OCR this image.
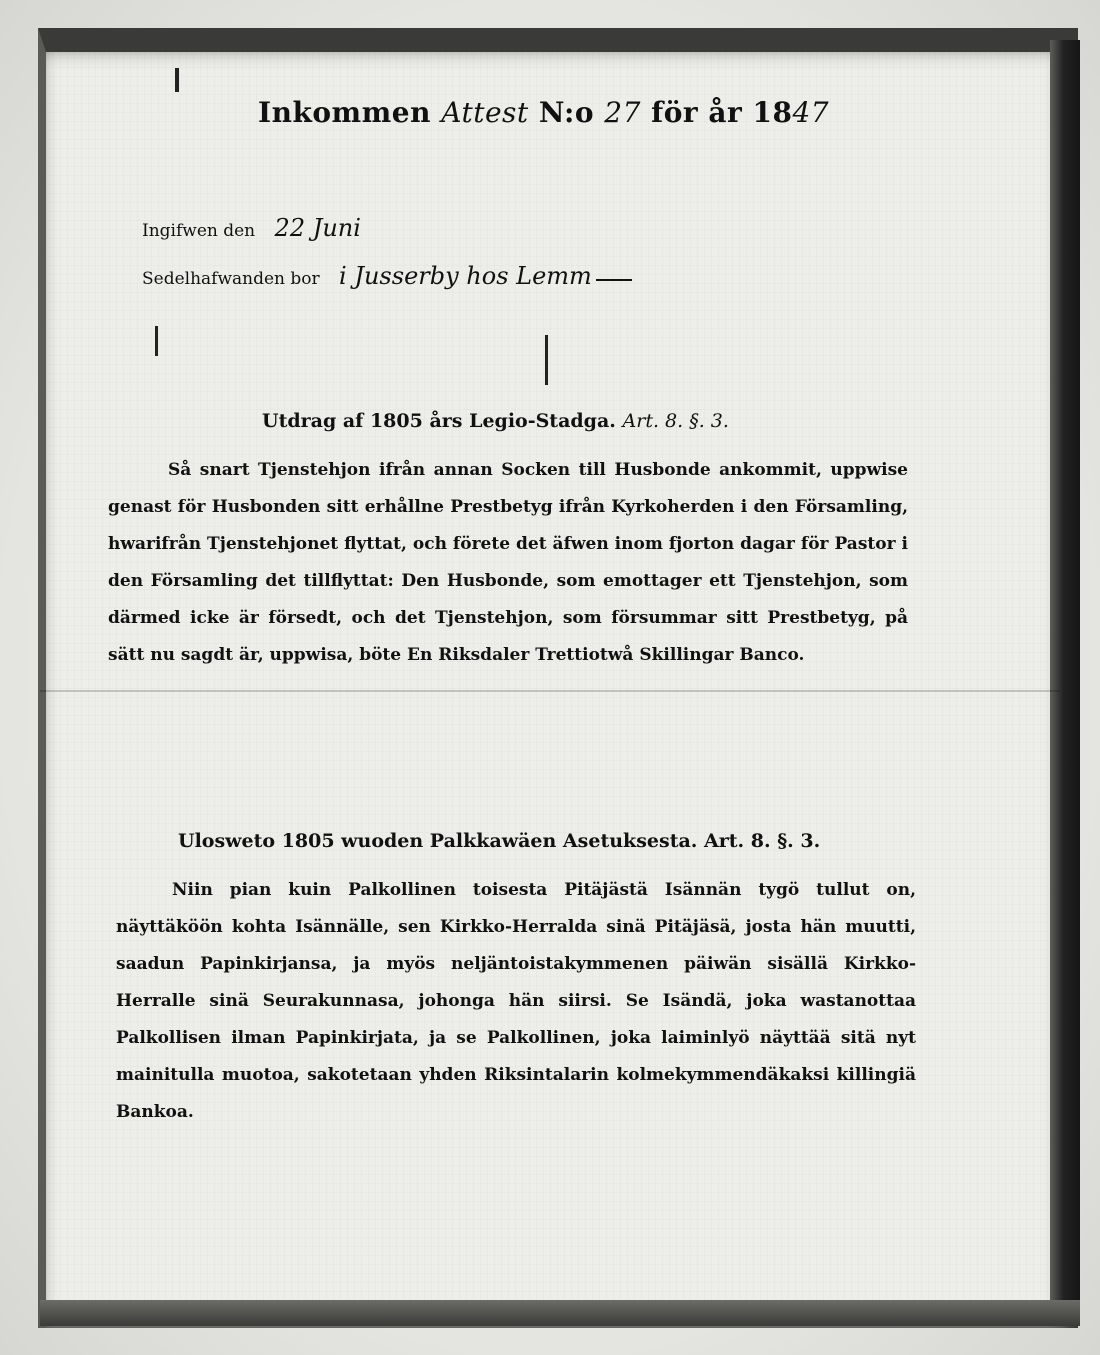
Inkommen Attest N:o 27 för år 1847
Ingifwen den 22 Juni
Sedelhafwanden bor i Jusserby hos Lemm
Utdrag af 1805 års Legio-Stadga. Art. 8. §. 3.
Så snart Tjenstehjon ifrån annan Socken till Husbonde ankommit, uppwise genast för Husbonden sitt erhållne Prestbetyg ifrån Kyrkoherden i den Församling, hwarifrån Tjenstehjonet flyttat, och förete det äfwen inom fjorton dagar för Pastor i den Församling det tillflyttat: Den Husbonde, som emottager ett Tjenstehjon, som därmed icke är försedt, och det Tjenstehjon, som försummar sitt Prestbetyg, på sätt nu sagdt är, uppwisa, böte En Riksdaler Trettiotwå Skillingar Banco.
Ulosweto 1805 wuoden Palkkawäen Asetuksesta. Art. 8. §. 3.
Niin pian kuin Palkollinen toisesta Pitäjästä Isännän tygö tullut on, näyttäköön kohta Isännälle, sen Kirkko-Herralda sinä Pitäjäsä, josta hän muutti, saadun Papinkirjansa, ja myös neljäntoistakymmenen päiwän sisällä Kirkko-Herralle sinä Seurakunnasa, johonga hän siirsi. Se Isändä, joka wastanottaa Palkollisen ilman Papinkirjata, ja se Palkollinen, joka laiminlyö näyttää sitä nyt mainitulla muotoa, sakotetaan yhden Riksintalarin kolmekymmendäkaksi killingiä Bankoa.
